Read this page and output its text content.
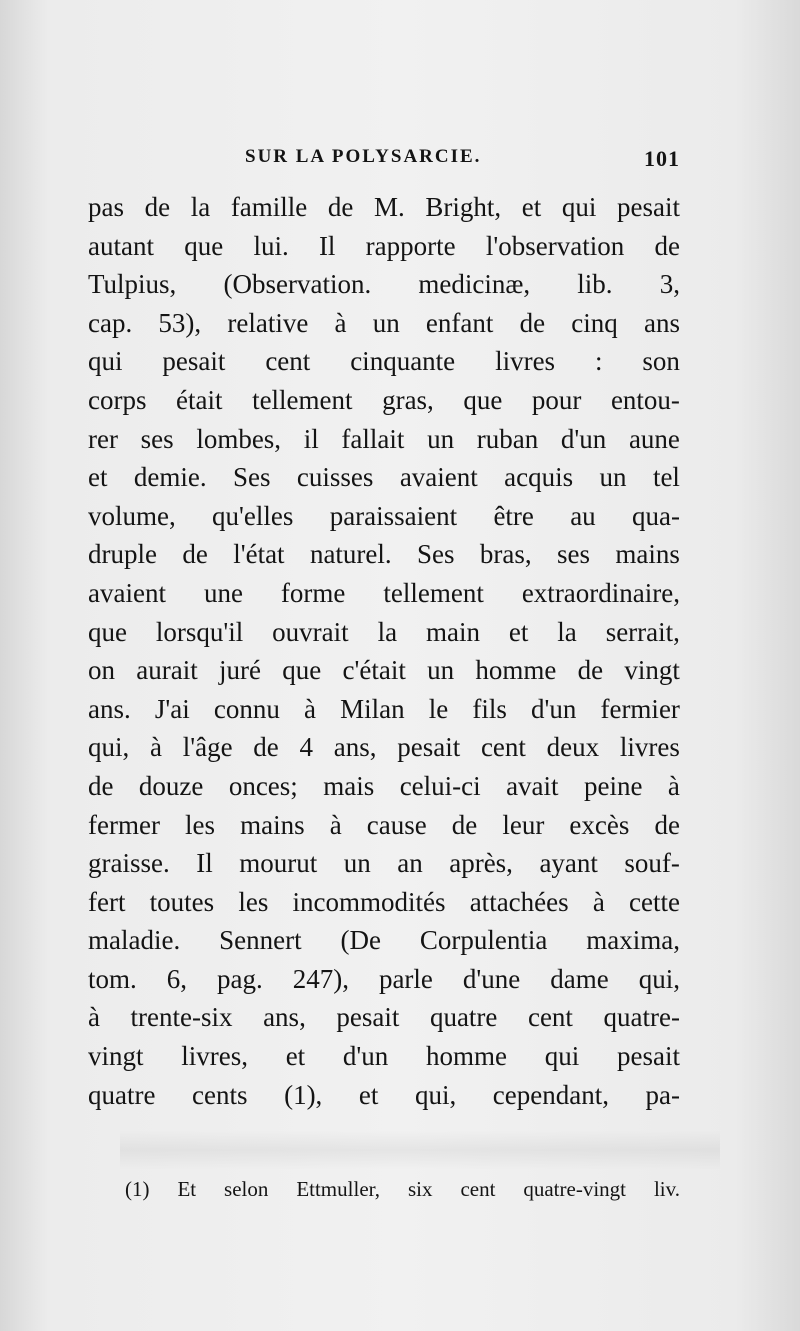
SUR LA POLYSARCIE.	101
pas de la famille de M. Bright, et qui pesait
autant que lui. Il rapporte l'observation de
Tulpius, (Observation. medicinæ, lib. 3,
cap. 53), relative à un enfant de cinq ans
qui pesait cent cinquante livres : son
corps était tellement gras, que pour entou-
rer ses lombes, il fallait un ruban d'un aune
et demie. Ses cuisses avaient acquis un tel
volume, qu'elles paraissaient être au qua-
druple de l'état naturel. Ses bras, ses mains
avaient une forme tellement extraordinaire,
que lorsqu'il ouvrait la main et la serrait,
on aurait juré que c'était un homme de vingt
ans. J'ai connu à Milan le fils d'un fermier
qui, à l'âge de 4 ans, pesait cent deux livres
de douze onces; mais celui-ci avait peine à
fermer les mains à cause de leur excès de
graisse. Il mourut un an après, ayant souf-
fert toutes les incommodités attachées à cette
maladie. Sennert (De Corpulentia maxima,
tom. 6, pag. 247), parle d'une dame qui,
à trente-six ans, pesait quatre cent quatre-
vingt livres, et d'un homme qui pesait
quatre cents (1), et qui, cependant, pa-
(1) Et selon Ettmuller, six cent quatre-vingt liv.
